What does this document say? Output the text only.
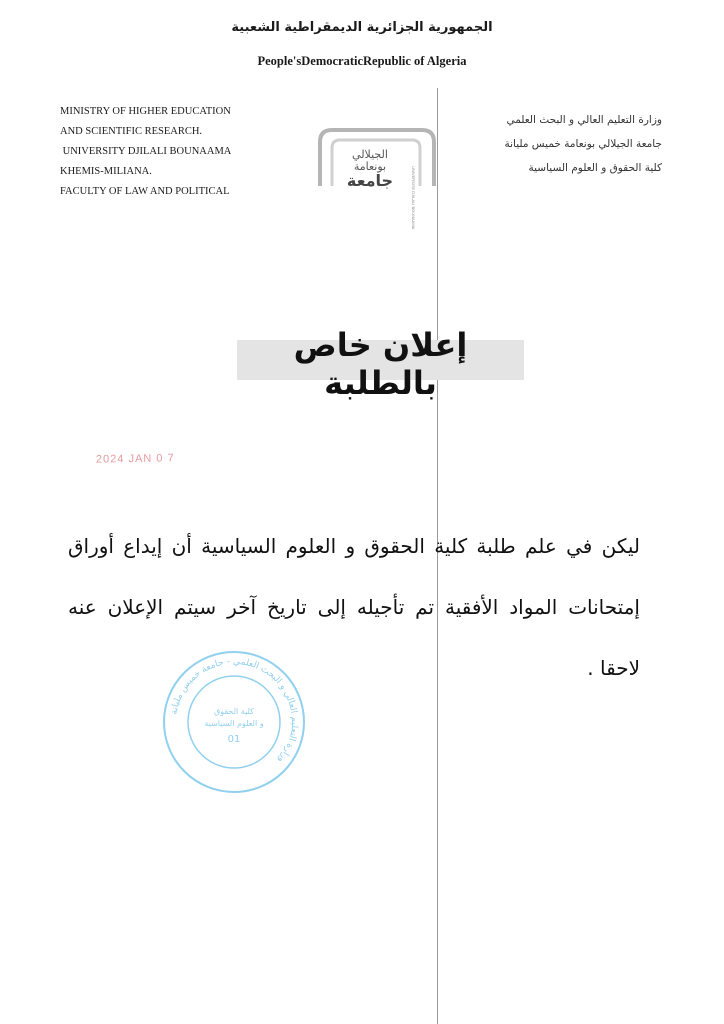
الجمهورية الجزائرية الديمقراطية الشعبية
People'sDemocraticRepublic of Algeria
MINISTRY OF HIGHER EDUCATION
AND SCIENTIFIC RESEARCH.
UNIVERSITY DJILALI BOUNAAMA
KHEMIS-MILIANA.
FACULTY OF LAW AND POLITICAL
وزارة التعليم العالي و البحث العلمي
جامعة الجيلالي بونعامة خميس مليانة
كلية الحقوق و العلوم السياسية
الجيلالي
بونعامة
جامعة	UNIVERSITE DJILALI BOUNAAMA
إعلان خاص بالطلبة
2024 JAN 0 7
ليكن في علم طلبة كلية الحقوق و العلوم السياسية أن إيداع أوراق إمتحانات المواد الأفقية تم تأجيله إلى تاريخ آخر سيتم الإعلان عنه لاحقا .
وزارة التعليم العالي و البحث العلمي - جامعة خميس مليانة
كلية الحقوق
و العلوم السياسية
01
